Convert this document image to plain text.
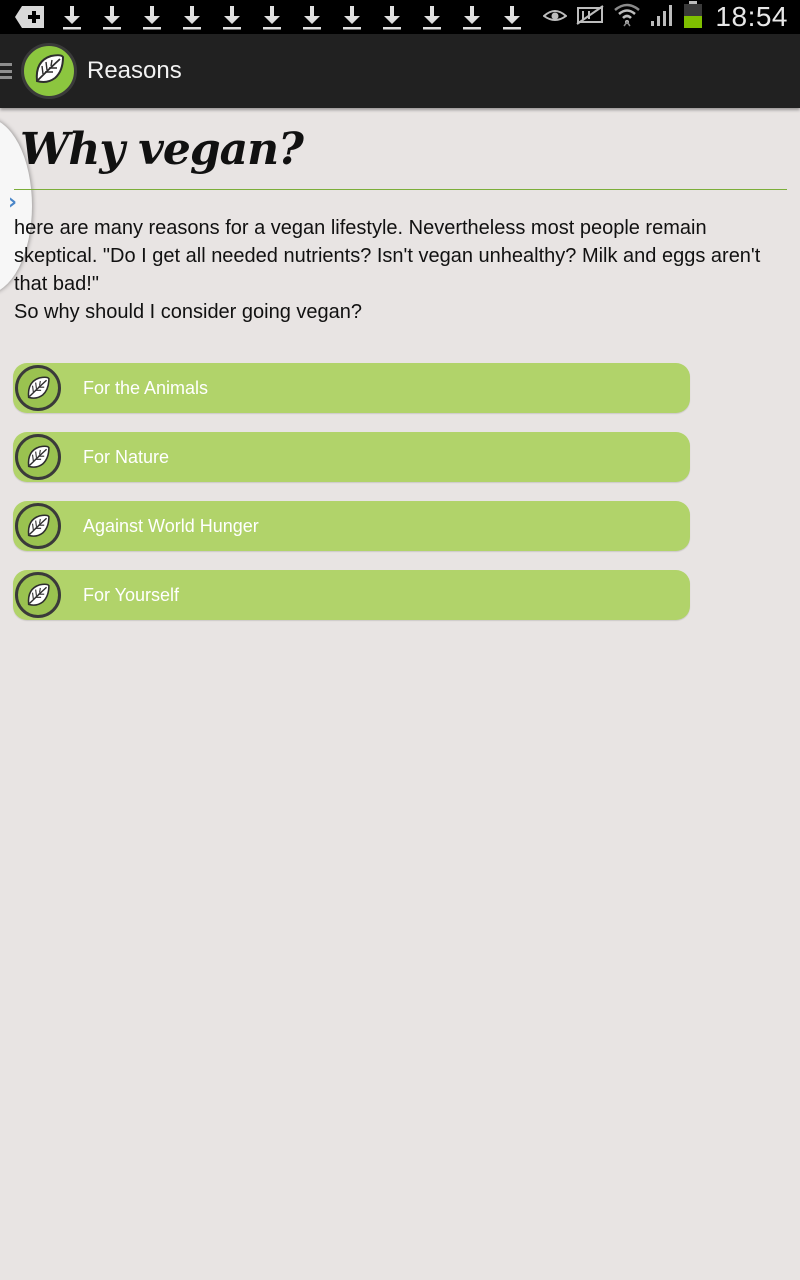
18:54
Reasons
›
Why vegan?

here are many reasons for a vegan lifestyle. Nevertheless most people remain skeptical. "Do I get all needed nutrients? Isn't vegan unhealthy? Milk and eggs aren't that bad!"

So why should I consider going vegan?

For the Animals
For Nature
Against World Hunger
For Yourself
